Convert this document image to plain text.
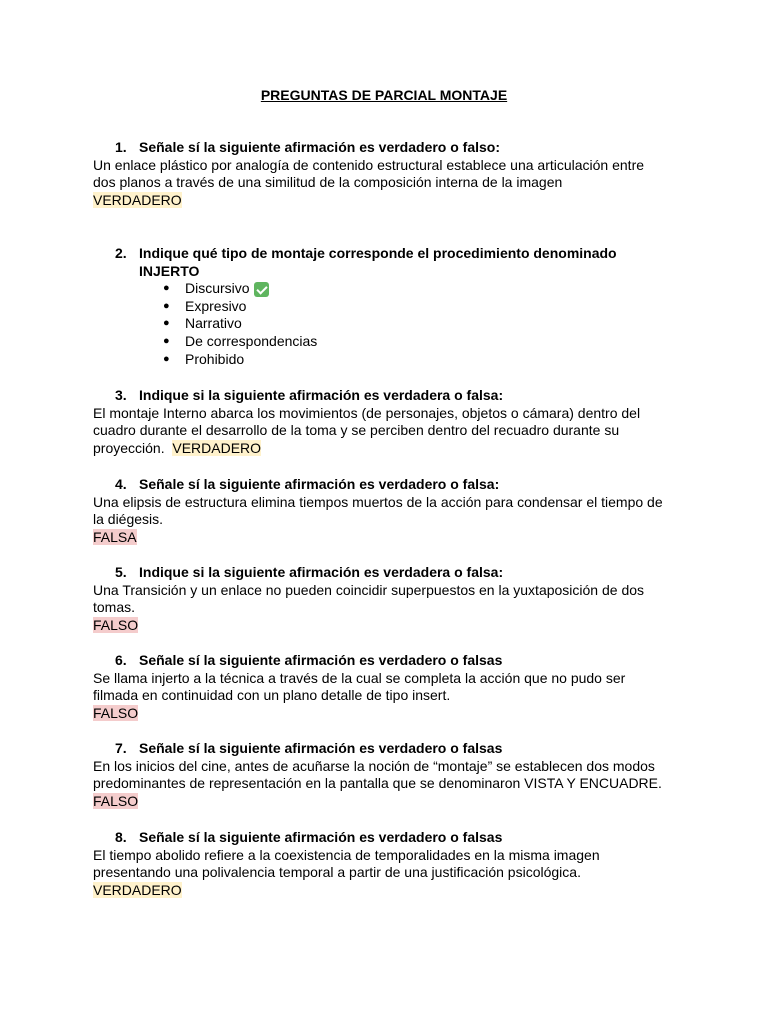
PREGUNTAS DE PARCIAL MONTAJE
1. Señale sí la siguiente afirmación es verdadero o falso:
Un enlace plástico por analogía de contenido estructural establece una articulación entre
dos planos a través de una similitud de la composición interna de la imagen
VERDADERO
2. Indique qué tipo de montaje corresponde el procedimiento denominado
INJERTO
●	Discursivo
●	Expresivo
●	Narrativo
●	De correspondencias
●	Prohibido
3. Indique si la siguiente afirmación es verdadera o falsa:
El montaje Interno abarca los movimientos (de personajes, objetos o cámara) dentro del
cuadro durante el desarrollo de la toma y se perciben dentro del recuadro durante su
proyección. VERDADERO
4. Señale sí la siguiente afirmación es verdadero o falsa:
Una elipsis de estructura elimina tiempos muertos de la acción para condensar el tiempo de
la diégesis.
FALSA
5. Indique si la siguiente afirmación es verdadera o falsa:
Una Transición y un enlace no pueden coincidir superpuestos en la yuxtaposición de dos
tomas.
FALSO
6. Señale sí la siguiente afirmación es verdadero o falsas
Se llama injerto a la técnica a través de la cual se completa la acción que no pudo ser
filmada en continuidad con un plano detalle de tipo insert.
FALSO
7. Señale sí la siguiente afirmación es verdadero o falsas
En los inicios del cine, antes de acuñarse la noción de “montaje” se establecen dos modos
predominantes de representación en la pantalla que se denominaron VISTA Y ENCUADRE.
FALSO
8. Señale sí la siguiente afirmación es verdadero o falsas
El tiempo abolido refiere a la coexistencia de temporalidades en la misma imagen
presentando una polivalencia temporal a partir de una justificación psicológica.
VERDADERO
